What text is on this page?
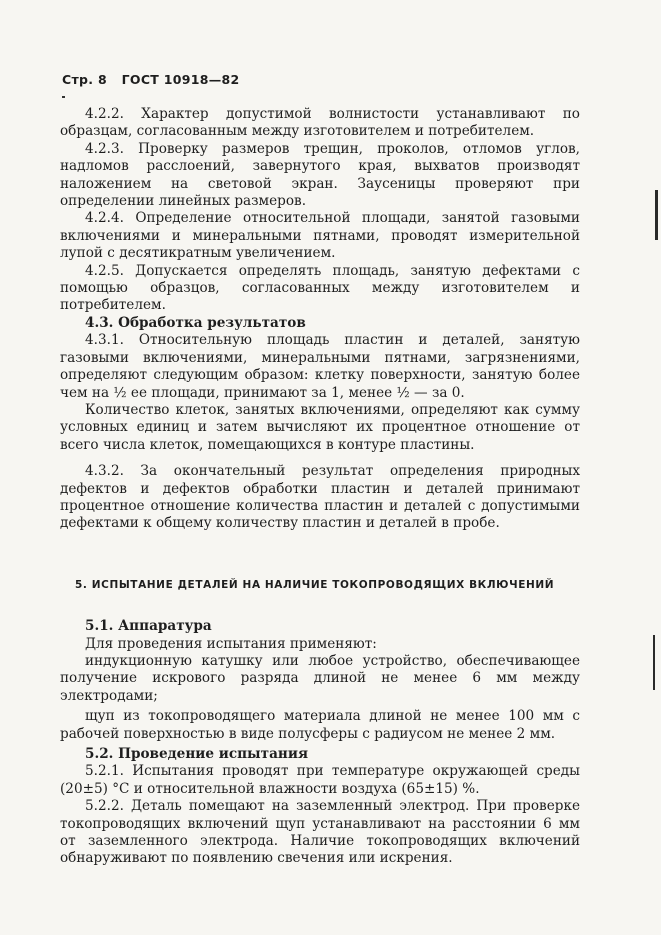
Стр. 8 ГОСТ 10918—82

4.2.2. Характер допустимой волнистости устанавливают по образцам, согласованным между изготовителем и потребителем.

4.2.3. Проверку размеров трещин, проколов, отломов углов, надломов расслоений, завернутого края, выхватов производят наложением на световой экран. Заусеницы проверяют при определении линейных размеров.

4.2.4. Определение относительной площади, занятой газовыми включениями и минеральными пятнами, проводят измерительной лупой с десятикратным увеличением.

4.2.5. Допускается определять площадь, занятую дефектами с помощью образцов, согласованных между изготовителем и потребителем.

4.3. Обработка результатов

4.3.1. Относительную площадь пластин и деталей, занятую газовыми включениями, минеральными пятнами, загрязнениями, определяют следующим образом: клетку поверхности, занятую более чем на ½ ее площади, принимают за 1, менее ½ — за 0.

Количество клеток, занятых включениями, определяют как сумму условных единиц и затем вычисляют их процентное отношение от всего числа клеток, помещающихся в контуре пластины.

4.3.2. За окончательный результат определения природных дефектов и дефектов обработки пластин и деталей принимают процентное отношение количества пластин и деталей с допустимыми дефектами к общему количеству пластин и деталей в пробе.

5. ИСПЫТАНИЕ ДЕТАЛЕЙ НА НАЛИЧИЕ ТОКОПРОВОДЯЩИХ ВКЛЮЧЕНИЙ

5.1. Аппаратура

Для проведения испытания применяют:

индукционную катушку или любое устройство, обеспечивающее получение искрового разряда длиной не менее 6 мм между электродами;

щуп из токопроводящего материала длиной не менее 100 мм с рабочей поверхностью в виде полусферы с радиусом не менее 2 мм.

5.2. Проведение испытания

5.2.1. Испытания проводят при температуре окружающей среды (20±5) °С и относительной влажности воздуха (65±15) %.

5.2.2. Деталь помещают на заземленный электрод. При проверке токопроводящих включений щуп устанавливают на расстоянии 6 мм от заземленного электрода. Наличие токопроводящих включений обнаруживают по появлению свечения или искрения.
